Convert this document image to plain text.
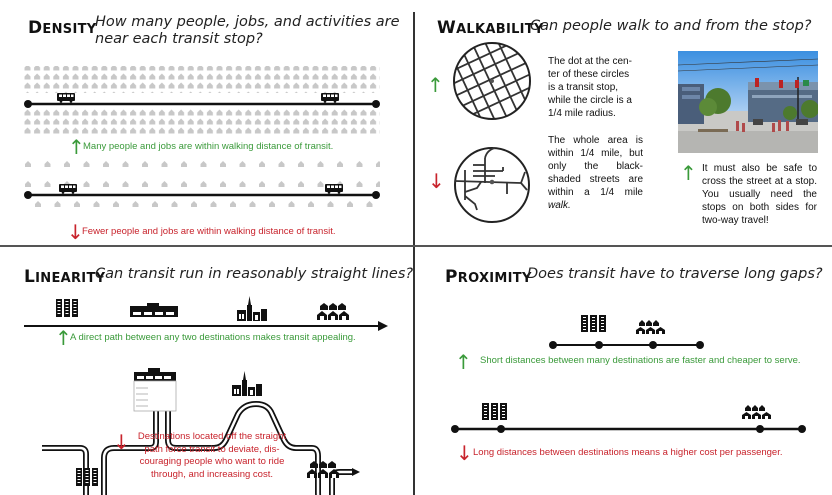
DENSITY
How many people, jobs, and activities are near each transit stop?
↑
Many people and jobs are within walking distance of transit.
↓
Fewer people and jobs are within walking distance of transit.
WALKABILITY
Can people walk to and from the stop?
↑
↓
The dot at the cen-
ter of these circles
is a transit stop,
while the circle is a
1/4 mile radius.
The whole area is within 1/4 mile, but only the black-shaded streets are within a 1/4 mile walk.
↑ It must also be safe to cross the street at a stop. You usually need the stops on both sides for two-way travel!
LINEARITY
Can transit run in reasonably straight lines?
↑
A direct path between any two destinations makes transit appealing.
↓ Destinations located off the straight
path force transit to deviate, dis-
couraging people who want to ride
through, and increasing cost.
PROXIMITY
Does transit have to traverse long gaps?
↑ Short distances between many destinations are faster and cheaper to serve.
↓ Long distances between destinations means a higher cost per passenger.
